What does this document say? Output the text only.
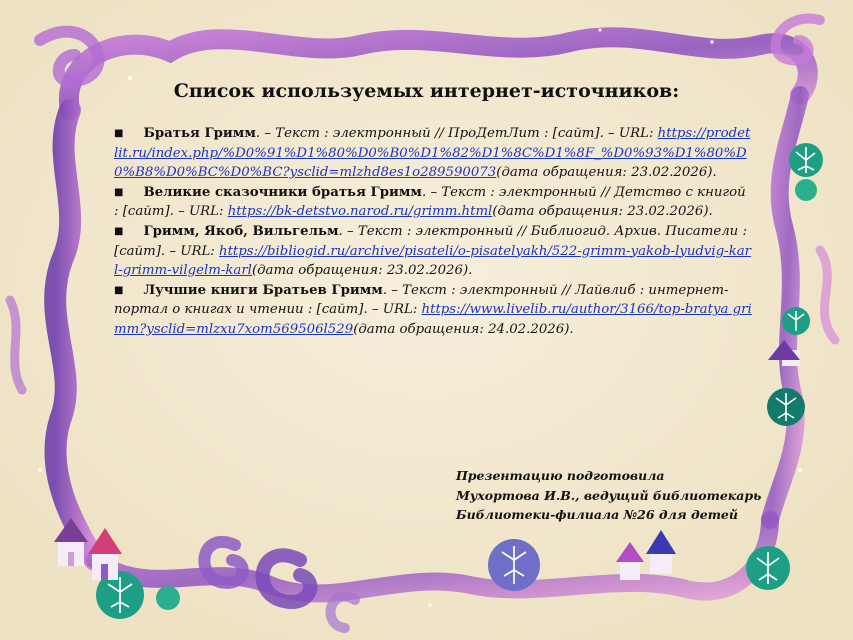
Список используемых интернет-источников:

■ Братья Гримм. – Текст : электронный // ПроДетЛит : [сайт]. – URL: https://prodetlit.ru/index.php/%D0%91%D1%80%D0%B0%D1%82%D1%8C%D1%8F_%D0%93%D1%80%D0%B8%D0%BC%D0%BC?ysclid=mlzhd8es1o289590073(дата обращения: 23.02.2026).

■ Великие сказочники братья Гримм. – Текст : электронный // Детство с книгой : [сайт]. – URL: https://bk-detstvo.narod.ru/grimm.html(дата обращения: 23.02.2026).

■ Гримм, Якоб, Вильгельм. – Текст : электронный // Библиогид. Архив. Писатели : [сайт]. – URL: https://bibliogid.ru/archive/pisateli/o-pisatelyakh/522-grimm-yakob-lyudvig-karl-grimm-vilgelm-karl(дата обращения: 23.02.2026).

■ Лучшие книги Братьев Гримм. – Текст : электронный // Лайвлиб : интернет-портал о книгах и чтении : [сайт]. – URL: https://www.livelib.ru/author/3166/top-bratya grimm?ysclid=mlzxu7xom569506l529(дата обращения: 24.02.2026).

Презентацию подготовила
Мухортова И.В., ведущий библиотекарь
Библиотеки-филиала №26 для детей
